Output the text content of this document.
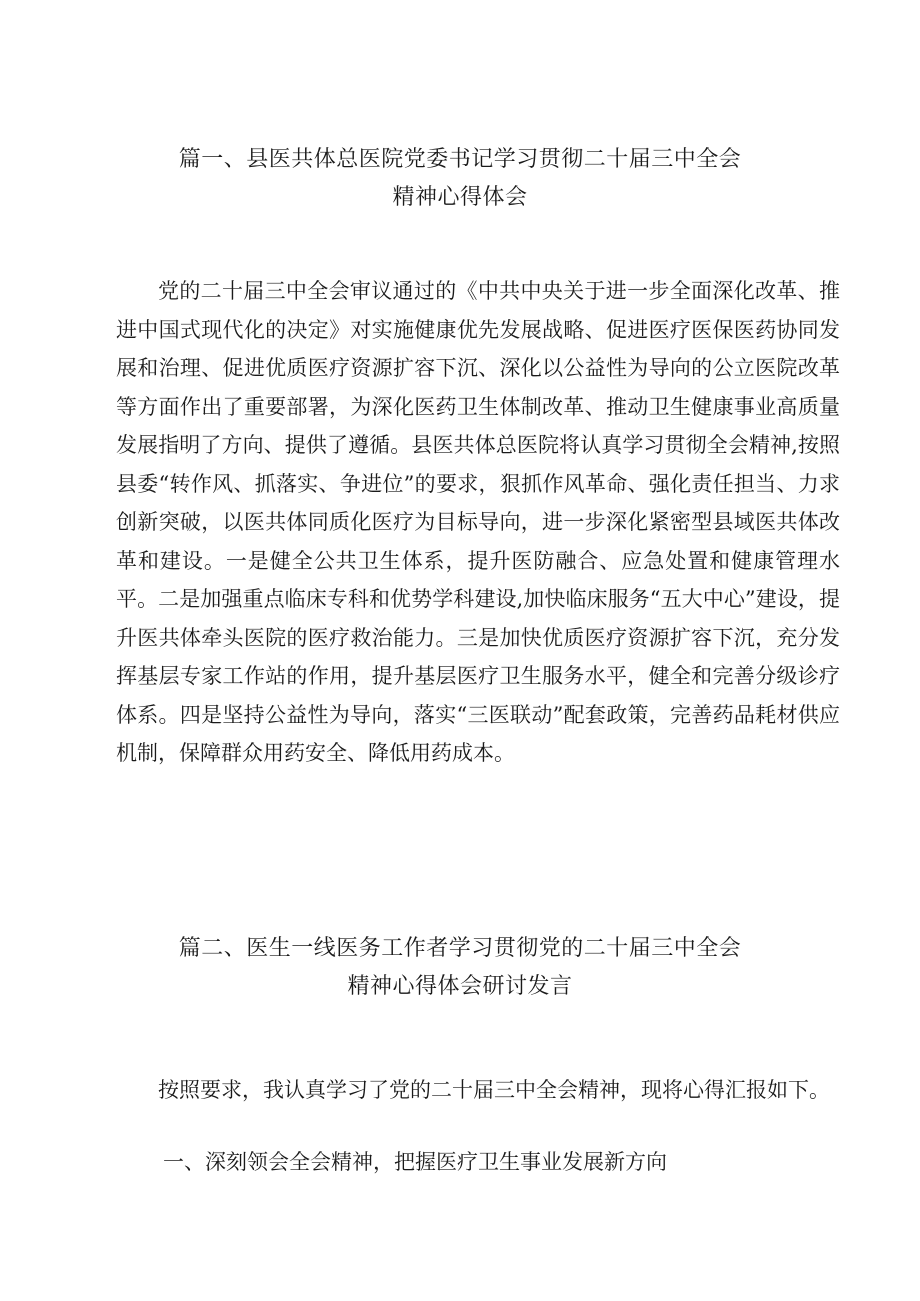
篇一、县医共体总医院党委书记学习贯彻二十届三中全会
精神心得体会

党的二十届三中全会审议通过的《中共中央关于进一步全面深化改革、推进中国式现代化的决定》对实施健康优先发展战略、促进医疗医保医药协同发展和治理、促进优质医疗资源扩容下沉、深化以公益性为导向的公立医院改革等方面作出了重要部署，为深化医药卫生体制改革、推动卫生健康事业高质量发展指明了方向、提供了遵循。县医共体总医院将认真学习贯彻全会精神,按照县委“转作风、抓落实、争进位”的要求，狠抓作风革命、强化责任担当、力求创新突破，以医共体同质化医疗为目标导向，进一步深化紧密型县域医共体改革和建设。一是健全公共卫生体系，提升医防融合、应急处置和健康管理水平。二是加强重点临床专科和优势学科建设,加快临床服务“五大中心”建设，提升医共体牵头医院的医疗救治能力。三是加快优质医疗资源扩容下沉，充分发挥基层专家工作站的作用，提升基层医疗卫生服务水平，健全和完善分级诊疗体系。四是坚持公益性为导向，落实“三医联动”配套政策，完善药品耗材供应机制，保障群众用药安全、降低用药成本。

篇二、医生一线医务工作者学习贯彻党的二十届三中全会
精神心得体会研讨发言

按照要求，我认真学习了党的二十届三中全会精神，现将心得汇报如下。

一、深刻领会全会精神，把握医疗卫生事业发展新方向
